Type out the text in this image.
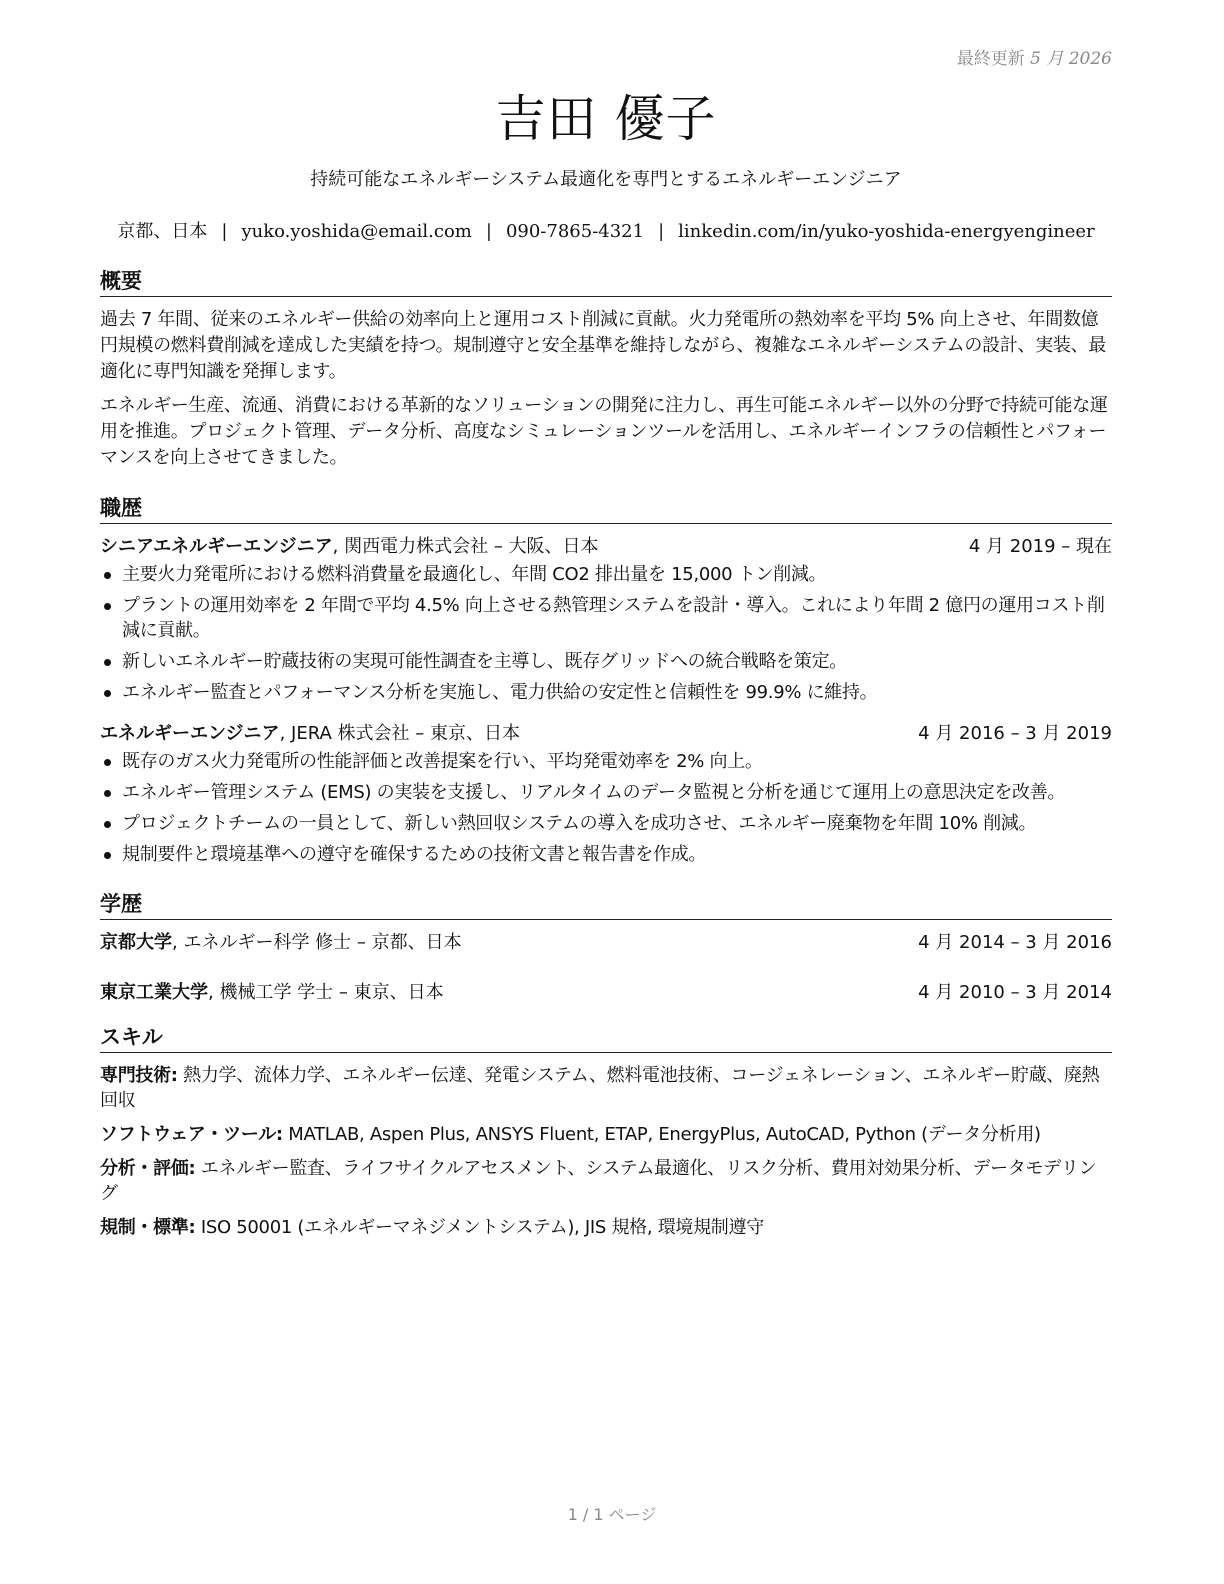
最終更新 5 月 2026
吉田 優子
持続可能なエネルギーシステム最適化を専門とするエネルギーエンジニア
京都、日本 | yuko.yoshida@email.com | 090-7865-4321 | linkedin.com/in/yuko-yoshida-energyengineer
概要

過去 7 年間、従来のエネルギー供給の効率向上と運用コスト削減に貢献。火力発電所の熱効率を平均 5% 向上させ、年間数億円規模の燃料費削減を達成した実績を持つ。規制遵守と安全基準を維持しながら、複雑なエネルギーシステムの設計、実装、最適化に専門知識を発揮します。

エネルギー生産、流通、消費における革新的なソリューションの開発に注力し、再生可能エネルギー以外の分野で持続可能な運用を推進。プロジェクト管理、データ分析、高度なシミュレーションツールを活用し、エネルギーインフラの信頼性とパフォーマンスを向上させてきました。

職歴
シニアエネルギーエンジニア, 関西電力株式会社 – 大阪、日本	4 月 2019 – 現在
主要火力発電所における燃料消費量を最適化し、年間 CO2 排出量を 15,000 トン削減。
プラントの運用効率を 2 年間で平均 4.5% 向上させる熱管理システムを設計・導入。これにより年間 2 億円の運用コスト削減に貢献。
新しいエネルギー貯蔵技術の実現可能性調査を主導し、既存グリッドへの統合戦略を策定。
エネルギー監査とパフォーマンス分析を実施し、電力供給の安定性と信頼性を 99.9% に維持。
エネルギーエンジニア, JERA 株式会社 – 東京、日本	4 月 2016 – 3 月 2019
既存のガス火力発電所の性能評価と改善提案を行い、平均発電効率を 2% 向上。
エネルギー管理システム (EMS) の実装を支援し、リアルタイムのデータ監視と分析を通じて運用上の意思決定を改善。
プロジェクトチームの一員として、新しい熱回収システムの導入を成功させ、エネルギー廃棄物を年間 10% 削減。
規制要件と環境基準への遵守を確保するための技術文書と報告書を作成。
学歴
京都大学, エネルギー科学 修士 – 京都、日本	4 月 2014 – 3 月 2016
東京工業大学, 機械工学 学士 – 東京、日本	4 月 2010 – 3 月 2014
スキル
専門技術: 熱力学、流体力学、エネルギー伝達、発電システム、燃料電池技術、コージェネレーション、エネルギー貯蔵、廃熱回収
ソフトウェア・ツール: MATLAB, Aspen Plus, ANSYS Fluent, ETAP, EnergyPlus, AutoCAD, Python (データ分析用)
分析・評価: エネルギー監査、ライフサイクルアセスメント、システム最適化、リスク分析、費用対効果分析、データモデリング
規制・標準: ISO 50001 (エネルギーマネジメントシステム), JIS 規格, 環境規制遵守
1 / 1 ページ
